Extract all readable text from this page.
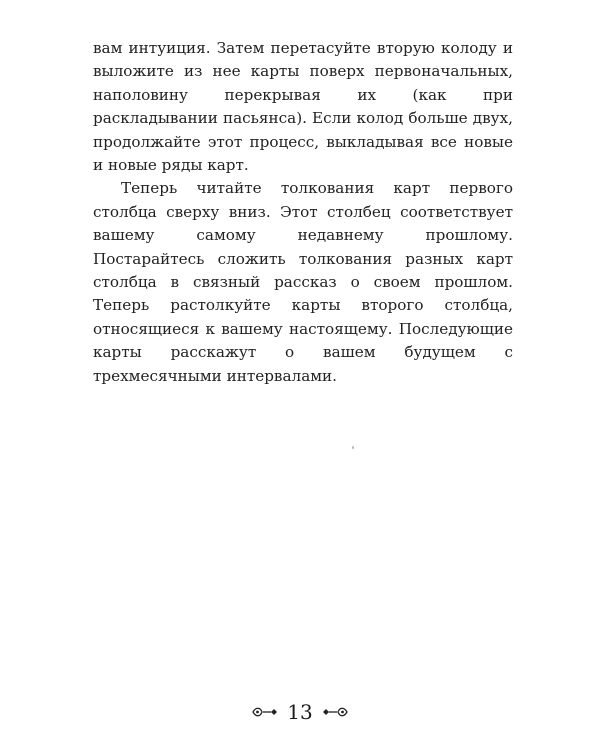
вам интуиция. Затем перетасуйте вторую колоду и выложите из нее карты поверх первоначальных, наполовину перекрывая их (как при раскладывании пасьянса). Если колод больше двух, продолжайте этот процесс, выкладывая все новые и новые ряды карт.

Теперь читайте толкования карт первого столбца сверху вниз. Этот столбец соответствует вашему самому недавнему прошлому. Постарайтесь сложить толкования разных карт столбца в связный рассказ о своем прошлом. Теперь растолкуйте карты второго столбца, относящиеся к вашему настоящему. Последующие карты расскажут о вашем будущем с трехмесячными интервалами.

13
